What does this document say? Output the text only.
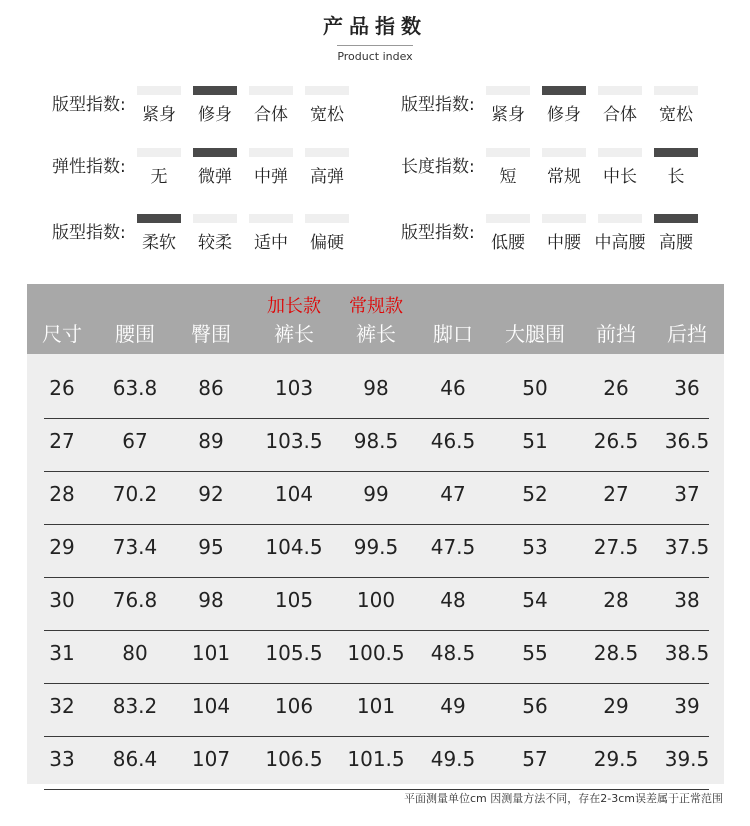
产品指数
Product index
版型指数: 紧身	修身	合体	宽松	版型指数: 紧身	修身	合体	宽松
弹性指数:	无	微弹	中弹	高弹	长度指数:	短	常规	中长	长
版型指数: 柔软	较柔	适中	偏硬	版型指数: 低腰	中腰 中高腰 高腰
尺寸 腰围 臀围 裤长 裤长 脚口 大腿围 前挡 后挡
加长款 常规款
26 63.8 86	103	98	46	50	26 36
27 67	89 103.5 98.5 46.5 51 26.5 36.5
28 70.2 92	104	99	47	52	27 37
29 73.4 95 104.5 99.5 47.5 53 27.5 37.5
30 76.8 98	105 100 48	54	28 38
31 80 101 105.5 100.5 48.5 55 28.5 38.5
32 83.2 104 106 101 49	56	29 39
33 86.4 107 106.5 101.5 49.5 57 29.5 39.5
平面测量单位cm 因测量方法不同，存在2-3cm误差属于正常范围
